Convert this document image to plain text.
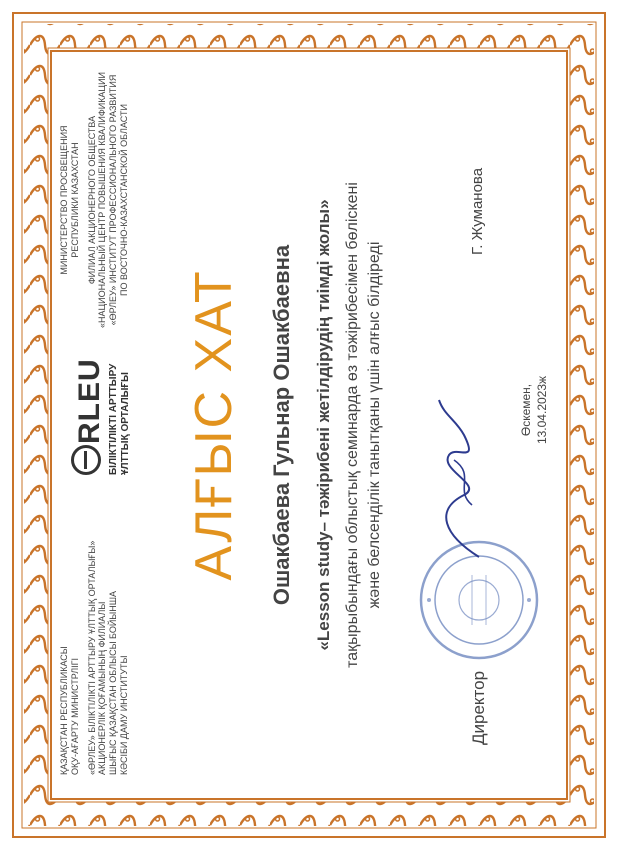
ҚАЗАҚСТАН РЕСПУБЛИКАСЫ ОҚУ-АҒАРТУ МИНИСТРЛІГІ «ӨРЛЕУ» БІЛІКТІЛІКТІ АРТТЫРУ ҰЛТТЫҚ ОРТАЛЫҒЫ» АКЦИОНЕРЛІК ҚОҒАМЫНЫҢ ФИЛИАЛЫ ШЫҒЫС ҚАЗАҚСТАН ОБЛЫСЫ БОЙЫНША КӘСІБИ ДАМУ ИНСТИТУТЫ
RLEU БІЛІКТІЛІКТІ АРТТЫРУ ҰЛТТЫҚ ОРТАЛЫҒЫ
МИНИСТЕРСТВО ПРОСВЕЩЕНИЯ РЕСПУБЛИКИ КАЗАХСТАН ФИЛИАЛ АКЦИОНЕРНОГО ОБЩЕСТВА «НАЦИОНАЛЬНЫЙ ЦЕНТР ПОВЫШЕНИЯ КВАЛИФИКАЦИИ «ӨРЛЕУ» ИНСТИТУТ ПРОФЕССИОНАЛЬНОГО РАЗВИТИЯ ПО ВОСТОЧНО-КАЗАХСТАНСКОЙ ОБЛАСТИ
АЛҒЫС ХАТ Ошакбаева Гульнар Ошакбаевна «Lesson study– тәжірибені жетілдірудің тиімді жолы» тақырыбындағы облыстық семинарда өз тәжірибесімен бөліскені және белсенділік танытқаны үшін алғыс білдіреді
Директор
Г. Жуманова
Өскемен, 13.04.2023ж
